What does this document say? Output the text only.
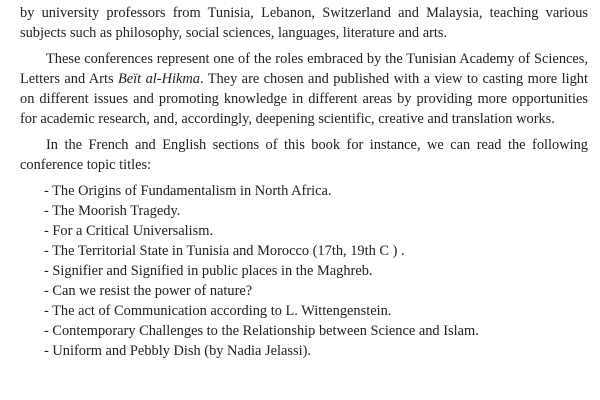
by university professors from Tunisia, Lebanon, Switzerland and Malaysia, teaching various subjects such as philosophy, social sciences, languages, literature and arts.

These conferences represent one of the roles embraced by the Tunisian Academy of Sciences, Letters and Arts Beït al-Hikma. They are chosen and published with a view to casting more light on different issues and promoting knowledge in different areas by providing more opportunities for academic research, and, accordingly, deepening scientific, creative and translation works.

In the French and English sections of this book for instance, we can read the following conference topic titles:

- The Origins of Fundamentalism in North Africa.
- The Moorish Tragedy.
- For a Critical Universalism.
- The Territorial State in Tunisia and Morocco (17th, 19th C ) .
- Signifier and Signified in public places in the Maghreb.
- Can we resist the power of nature?
- The act of Communication according to L. Wittengenstein.
- Contemporary Challenges to the Relationship between Science and Islam.
- Uniform and Pebbly Dish (by Nadia Jelassi).
